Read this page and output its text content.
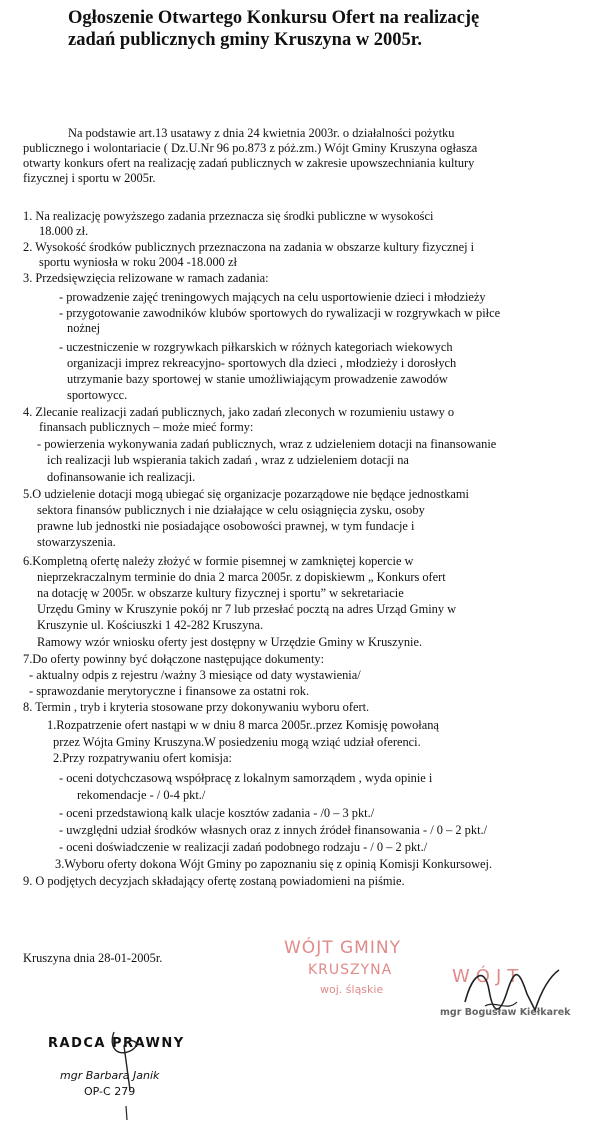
Ogłoszenie Otwartego Konkursu Ofert na realizację
zadań publicznych gminy Kruszyna w 2005r.
Na podstawie art.13 usatawy z dnia 24 kwietnia 2003r. o działalności pożytku
publicznego i wolontariacie ( Dz.U.Nr 96 po.873 z póż.zm.) Wójt Gminy Kruszyna ogłasza
otwarty konkurs ofert na realizację zadań publicznych w zakresie upowszechniania kultury
fizycznej i sportu w 2005r.
1. Na realizację powyższego zadania przeznacza się środki publiczne w wysokości
18.000 zł.
2. Wysokość środków publicznych przeznaczona na zadania w obszarze kultury fizycznej i
sportu wyniosła w roku 2004 -18.000 zł
3. Przedsięwzięcia relizowane w ramach zadania:
- prowadzenie zajęć treningowych mających na celu usportowienie dzieci i młodzieży
- przygotowanie zawodników klubów sportowych do rywalizacji w rozgrywkach w piłce
nożnej
- uczestniczenie w rozgrywkach piłkarskich w różnych kategoriach wiekowych
organizacji imprez rekreacyjno- sportowych dla dzieci , młodzieży i dorosłych
utrzymanie bazy sportowej w stanie umożliwiającym prowadzenie zawodów
sportowycc.
4. Zlecanie realizacji zadań publicznych, jako zadań zleconych w rozumieniu ustawy o
finansach publicznych – może mieć formy:
- powierzenia wykonywania zadań publicznych, wraz z udzieleniem dotacji na finansowanie
ich realizacji lub wspierania takich zadań , wraz z udzieleniem dotacji na
dofinansowanie ich realizacji.
5.O udzielenie dotacji mogą ubiegać się organizacje pozarządowe nie będące jednostkami
sektora finansów publicznych i nie działające w celu osiągnięcia zysku, osoby
prawne lub jednostki nie posiadające osobowości prawnej, w tym fundacje i
stowarzyszenia.
6.Kompletną ofertę należy złożyć w formie pisemnej w zamkniętej kopercie w
nieprzekraczalnym terminie do dnia 2 marca 2005r. z dopiskiewm „ Konkurs ofert
na dotację w 2005r. w obszarze kultury fizycznej i sportu” w sekretariacie
Urzędu Gminy w Kruszynie pokój nr 7 lub przesłać pocztą na adres Urząd Gminy w
Kruszynie ul. Kościuszki 1 42-282 Kruszyna.
Ramowy wzór wniosku oferty jest dostępny w Urzędzie Gminy w Kruszynie.
7.Do oferty powinny być dołączone następujące dokumenty:
- aktualny odpis z rejestru /ważny 3 miesiące od daty wystawienia/
- sprawozdanie merytoryczne i finansowe za ostatni rok.
8. Termin , tryb i kryteria stosowane przy dokonywaniu wyboru ofert.
1.Rozpatrzenie ofert nastąpi w w dniu 8 marca 2005r..przez Komisję powołaną
przez Wójta Gminy Kruszyna.W posiedzeniu mogą wziąć udział oferenci.
2.Przy rozpatrywaniu ofert komisja:
- oceni dotychczasową współpracę z lokalnym samorządem , wyda opinie i
rekomendacje - / 0-4 pkt./
- oceni przedstawioną kalk ulacje kosztów zadania - /0 – 3 pkt./
- uwzględni udział środków własnych oraz z innych źródeł finansowania - / 0 – 2 pkt./
- oceni doświadczenie w realizacji zadań podobnego rodzaju - / 0 – 2 pkt./
3.Wyboru oferty dokona Wójt Gminy po zapoznaniu się z opinią Komisji Konkursowej.
9. O podjętych decyzjach składający ofertę zostaną powiadomieni na piśmie.
Kruszyna dnia 28-01-2005r.	WÓJT GMINY
KRUSZYNA
woj. śląskie
WÓJT
mgr Bogusław Kiełkarek
RADCA PRAWNY
mgr Barbara Janik
OP-C 279
